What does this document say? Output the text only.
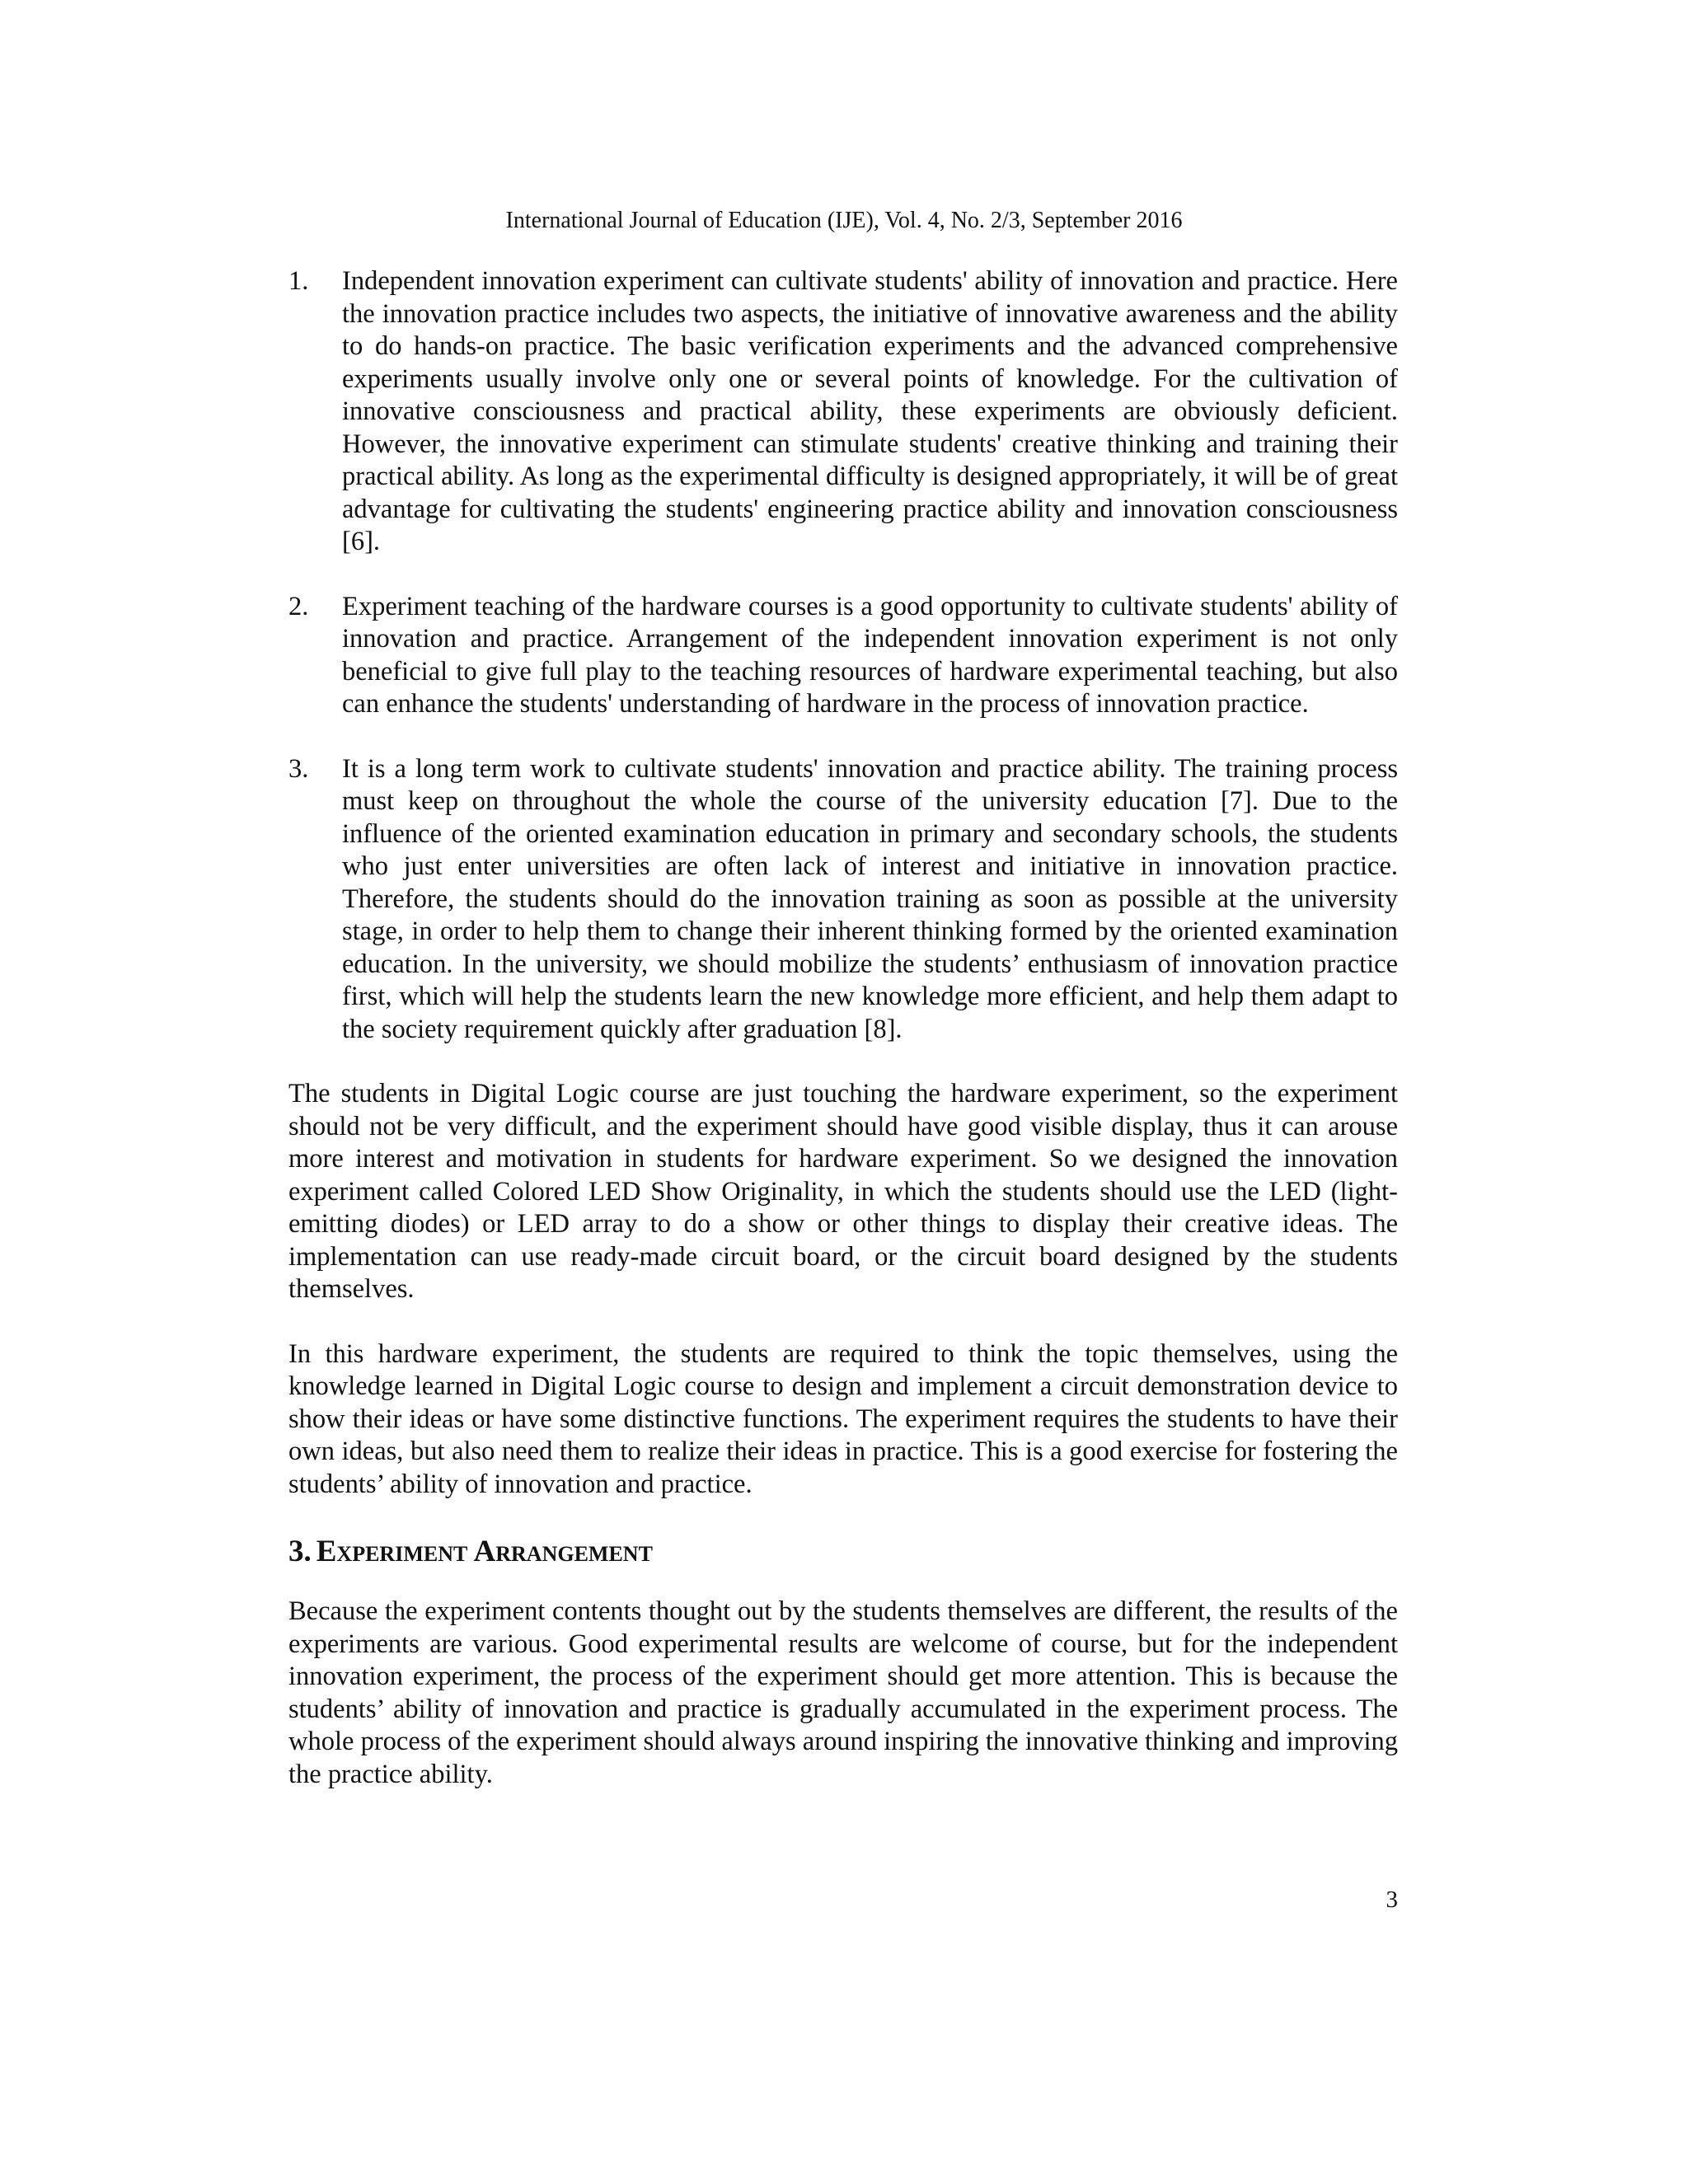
International Journal of Education (IJE), Vol. 4, No. 2/3, September 2016
1. Independent innovation experiment can cultivate students' ability of innovation and practice. Here the innovation practice includes two aspects, the initiative of innovative awareness and the ability to do hands-on practice. The basic verification experiments and the advanced comprehensive experiments usually involve only one or several points of knowledge. For the cultivation of innovative consciousness and practical ability, these experiments are obviously deficient. However, the innovative experiment can stimulate students' creative thinking and training their practical ability. As long as the experimental difficulty is designed appropriately, it will be of great advantage for cultivating the students' engineering practice ability and innovation consciousness [6].
2. Experiment teaching of the hardware courses is a good opportunity to cultivate students' ability of innovation and practice. Arrangement of the independent innovation experiment is not only beneficial to give full play to the teaching resources of hardware experimental teaching, but also can enhance the students' understanding of hardware in the process of innovation practice.
3. It is a long term work to cultivate students' innovation and practice ability. The training process must keep on throughout the whole the course of the university education [7]. Due to the influence of the oriented examination education in primary and secondary schools, the students who just enter universities are often lack of interest and initiative in innovation practice. Therefore, the students should do the innovation training as soon as possible at the university stage, in order to help them to change their inherent thinking formed by the oriented examination education. In the university, we should mobilize the students’ enthusiasm of innovation practice first, which will help the students learn the new knowledge more efficient, and help them adapt to the society requirement quickly after graduation [8].

The students in Digital Logic course are just touching the hardware experiment, so the experiment should not be very difficult, and the experiment should have good visible display, thus it can arouse more interest and motivation in students for hardware experiment. So we designed the innovation experiment called Colored LED Show Originality, in which the students should use the LED (light-emitting diodes) or LED array to do a show or other things to display their creative ideas. The implementation can use ready-made circuit board, or the circuit board designed by the students themselves.

In this hardware experiment, the students are required to think the topic themselves, using the knowledge learned in Digital Logic course to design and implement a circuit demonstration device to show their ideas or have some distinctive functions. The experiment requires the students to have their own ideas, but also need them to realize their ideas in practice. This is a good exercise for fostering the students’ ability of innovation and practice.

3. Experiment Arrangement

Because the experiment contents thought out by the students themselves are different, the results of the experiments are various. Good experimental results are welcome of course, but for the independent innovation experiment, the process of the experiment should get more attention. This is because the students’ ability of innovation and practice is gradually accumulated in the experiment process. The whole process of the experiment should always around inspiring the innovative thinking and improving the practice ability.

3
